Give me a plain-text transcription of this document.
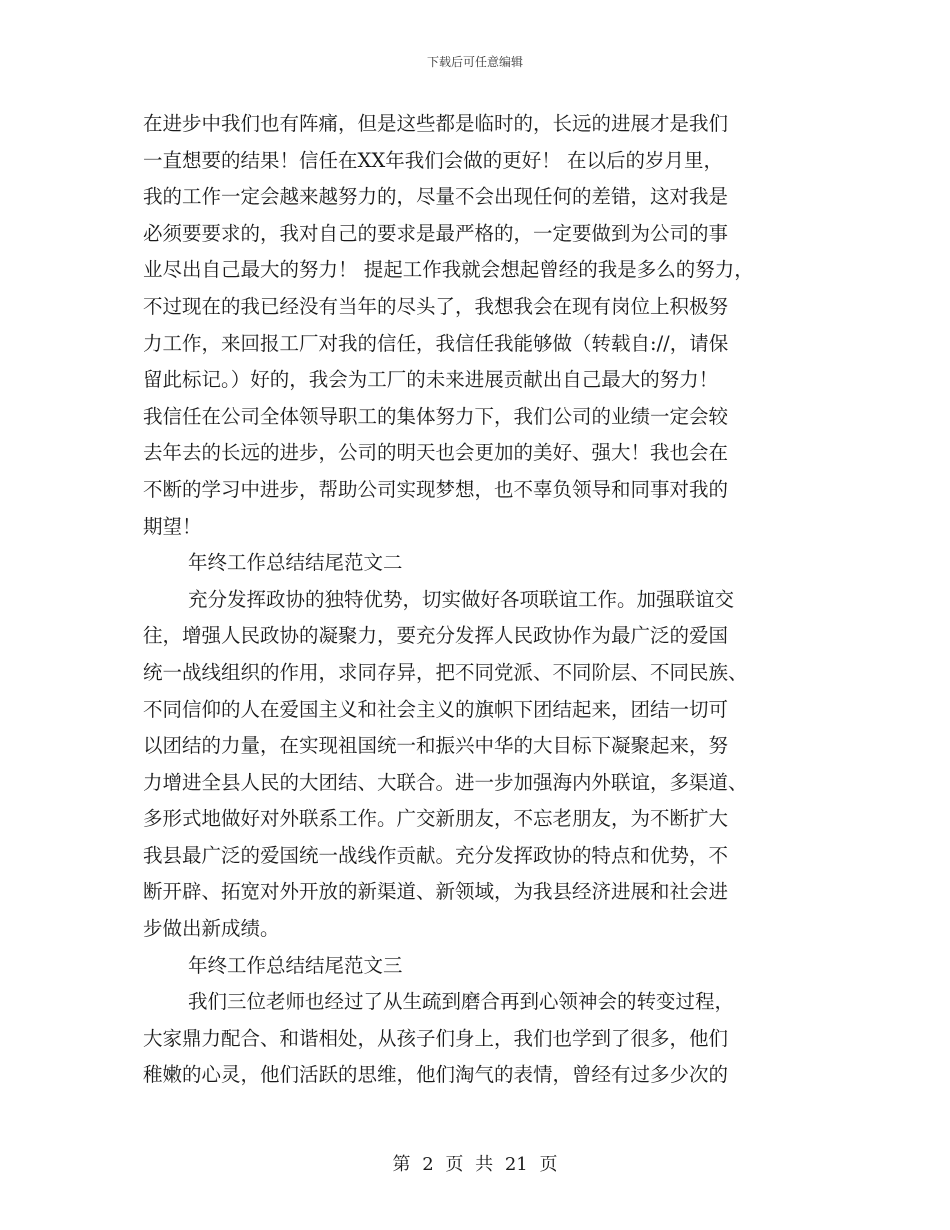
下载后可任意编辑
在进步中我们也有阵痛，但是这些都是临时的，长远的进展才是我们
一直想要的结果！信任在XX年我们会做的更好！ 在以后的岁月里，
我的工作一定会越来越努力的，尽量不会出现任何的差错，这对我是
必须要要求的，我对自己的要求是最严格的，一定要做到为公司的事
业尽出自己最大的努力！ 提起工作我就会想起曾经的我是多么的努力，
不过现在的我已经没有当年的尽头了，我想我会在现有岗位上积极努
力工作，来回报工厂对我的信任，我信任我能够做（转载自://，请保
留此标记。）好的，我会为工厂的未来进展贡献出自己最大的努力！
我信任在公司全体领导职工的集体努力下，我们公司的业绩一定会较
去年去的长远的进步，公司的明天也会更加的美好、强大！我也会在
不断的学习中进步，帮助公司实现梦想，也不辜负领导和同事对我的
期望！
年终工作总结结尾范文二
充分发挥政协的独特优势，切实做好各项联谊工作。加强联谊交
往，增强人民政协的凝聚力，要充分发挥人民政协作为最广泛的爱国
统一战线组织的作用，求同存异，把不同党派、不同阶层、不同民族、
不同信仰的人在爱国主义和社会主义的旗帜下团结起来，团结一切可
以团结的力量，在实现祖国统一和振兴中华的大目标下凝聚起来，努
力增进全县人民的大团结、大联合。进一步加强海内外联谊，多渠道、
多形式地做好对外联系工作。广交新朋友，不忘老朋友，为不断扩大
我县最广泛的爱国统一战线作贡献。充分发挥政协的特点和优势，不
断开辟、拓宽对外开放的新渠道、新领域，为我县经济进展和社会进
步做出新成绩。
年终工作总结结尾范文三
我们三位老师也经过了从生疏到磨合再到心领神会的转变过程，
大家鼎力配合、和谐相处，从孩子们身上，我们也学到了很多，他们
稚嫩的心灵，他们活跃的思维，他们淘气的表情，曾经有过多少次的
第 2 页 共 21 页
